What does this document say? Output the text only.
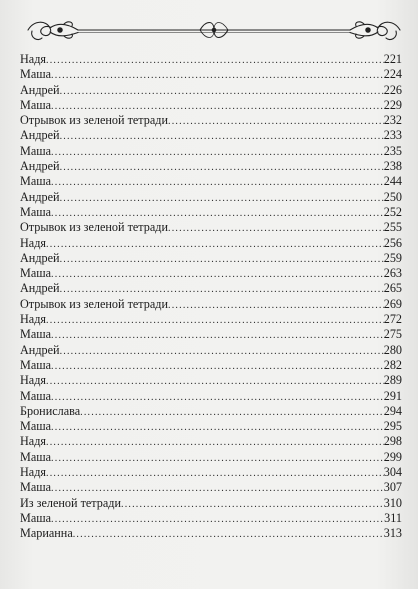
Надя .....	221
Маша .....	224
Андрей .....	226
Маша .....	229
Отрывок из зеленой тетради .....	232
Андрей .....	233
Маша .....	235
Андрей .....	238
Маша .....	244
Андрей .....	250
Маша .....	252
Отрывок из зеленой тетради .....	255
Надя .....	256
Андрей .....	259
Маша .....	263
Андрей .....	265
Отрывок из зеленой тетради .....	269
Надя .....	272
Маша .....	275
Андрей .....	280
Маша .....	282
Надя .....	289
Маша .....	291
Бронислава .....	294
Маша .....	295
Надя .....	298
Маша .....	299
Надя .....	304
Маша .....	307
Из зеленой тетради .....	310
Маша .....	311
Марианна .....	313
